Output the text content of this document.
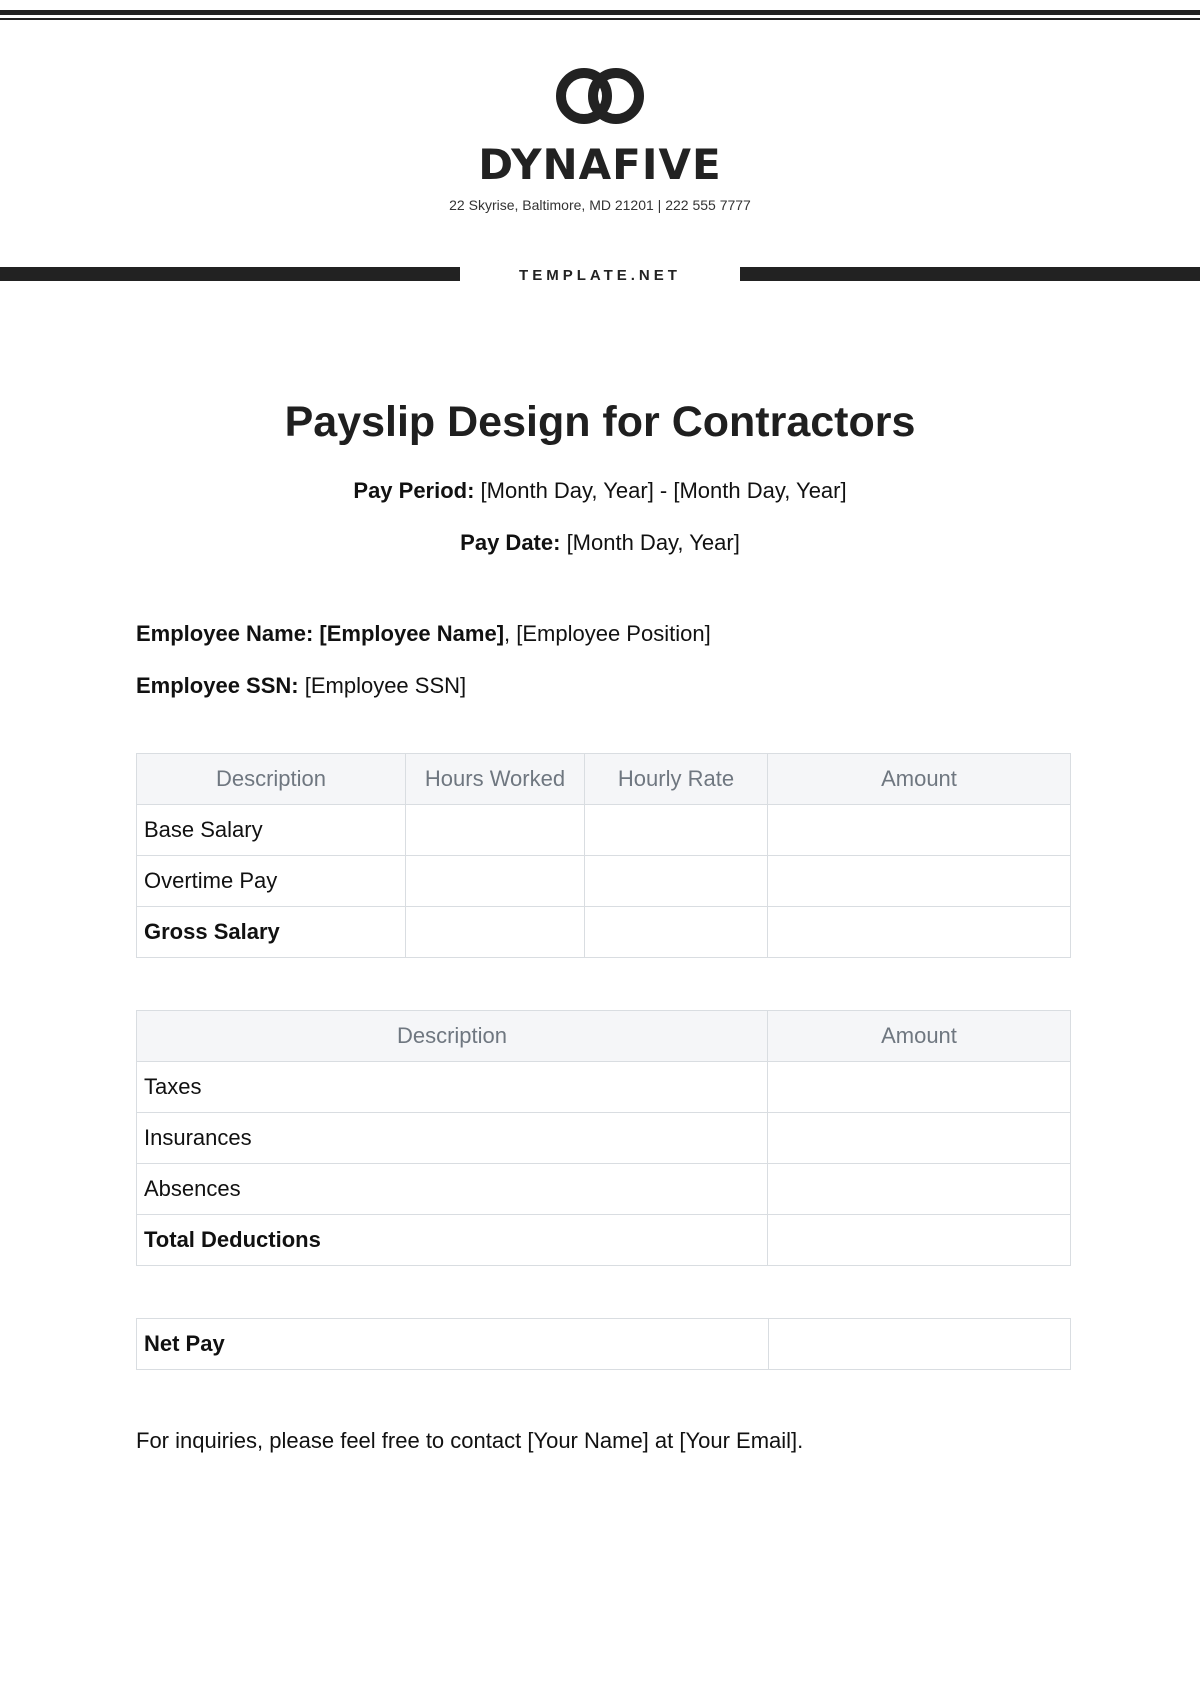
DYNAFIVE
22 Skyrise, Baltimore, MD 21201 | 222 555 7777
TEMPLATE.NET
Payslip Design for Contractors
Pay Period: [Month Day, Year] - [Month Day, Year]
Pay Date: [Month Day, Year]
Employee Name: [Employee Name], [Employee Position]
Employee SSN: [Employee SSN]
Description	Hours Worked	Hourly Rate	Amount
Base Salary			
Overtime Pay			
Gross Salary			
Description	Amount
Taxes	
Insurances	
Absences	
Total Deductions	
Net Pay	
For inquiries, please feel free to contact [Your Name] at [Your Email].
